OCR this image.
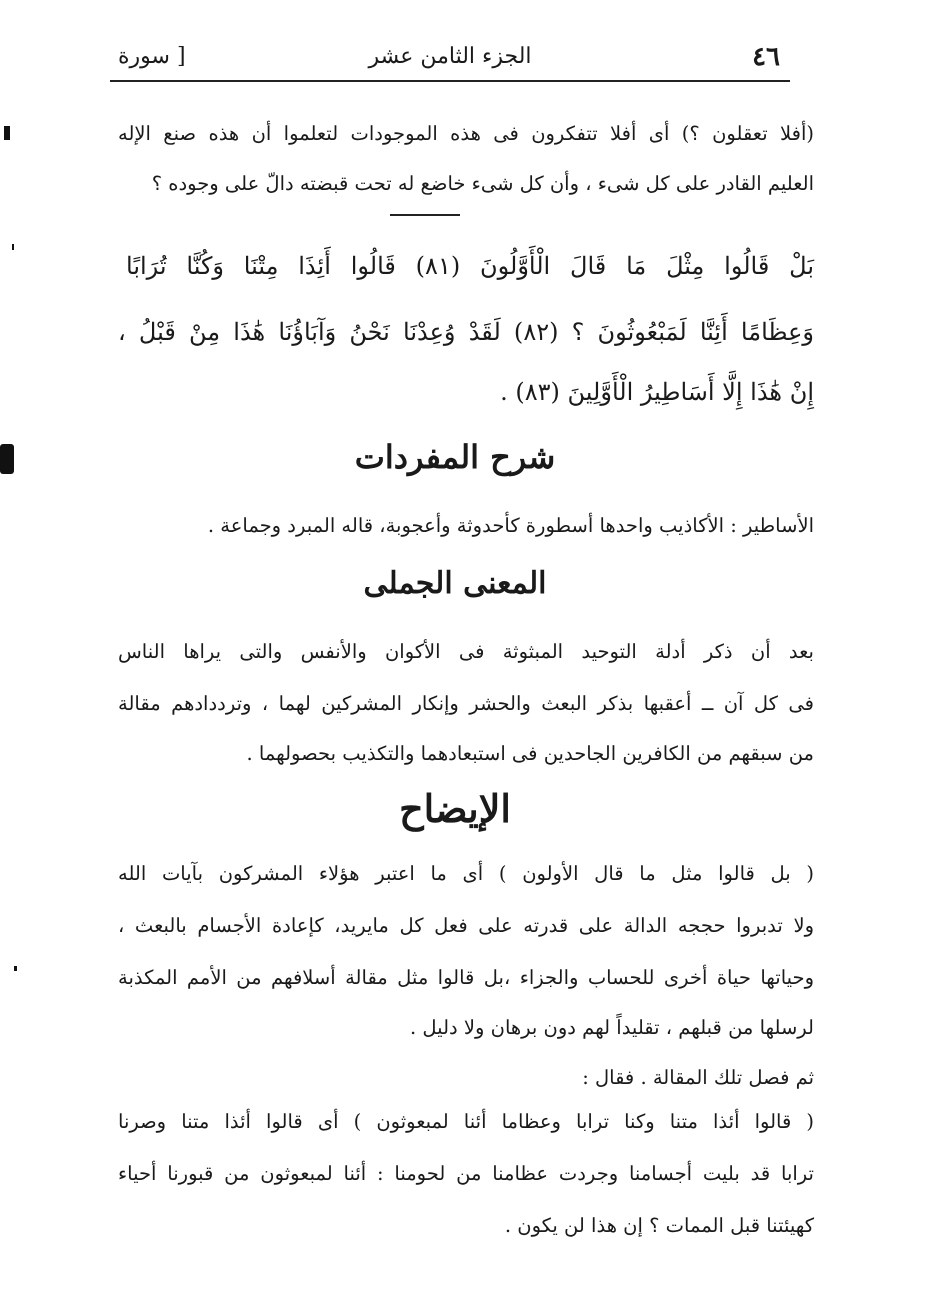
٤٦
الجزء الثامن عشر
[ سورة
(أفلا تعقلون ؟) أى أفلا تتفكرون فى هذه الموجودات لتعلموا أن هذه صنع الإله
العليم القادر على كل شىء ، وأن كل شىء خاضع له تحت قبضته دالّ على وجوده ؟
بَلْ قَالُوا مِثْلَ مَا قَالَ الْأَوَّلُونَ (٨١) قَالُوا أَئِذَا مِتْنَا وَكُنَّا تُرَابًا
وَعِظَامًا أَئِنَّا لَمَبْعُوثُونَ ؟ (٨٢) لَقَدْ وُعِدْنَا نَحْنُ وَآبَاؤُنَا هَٰذَا مِنْ قَبْلُ ،
إِنْ هَٰذَا إِلَّا أَسَاطِيرُ الْأَوَّلِينَ (٨٣) .
شرح المفردات
الأساطير : الأكاذيب واحدها أسطورة كأحدوثة وأعجوبة، قاله المبرد وجماعة .
المعنى الجملى
بعد أن ذكر أدلة التوحيد المبثوثة فى الأكوان والأنفس والتى يراها الناس
فى كل آن ــ أعقبها بذكر البعث والحشر وإنكار المشركين لهما ، وترددادهم مقالة
من سبقهم من الكافرين الجاحدين فى استبعادهما والتكذيب بحصولهما .
الإيضاح
( بل قالوا مثل ما قال الأولون ) أى ما اعتبر هؤلاء المشركون بآيات الله
ولا تدبروا حججه الدالة على قدرته على فعل كل مايريد، كإعادة الأجسام بالبعث ،
وحياتها حياة أخرى للحساب والجزاء ،بل قالوا مثل مقالة أسلافهم من الأمم المكذبة
لرسلها من قبلهم ، تقليداً لهم دون برهان ولا دليل .
ثم فصل تلك المقالة . فقال :
( قالوا أئذا متنا وكنا ترابا وعظاما أئنا لمبعوثون ) أى قالوا أئذا متنا وصرنا
ترابا قد بليت أجسامنا وجردت عظامنا من لحومنا : أئنا لمبعوثون من قبورنا أحياء
كهيئتنا قبل الممات ؟ إن هذا لن يكون .
